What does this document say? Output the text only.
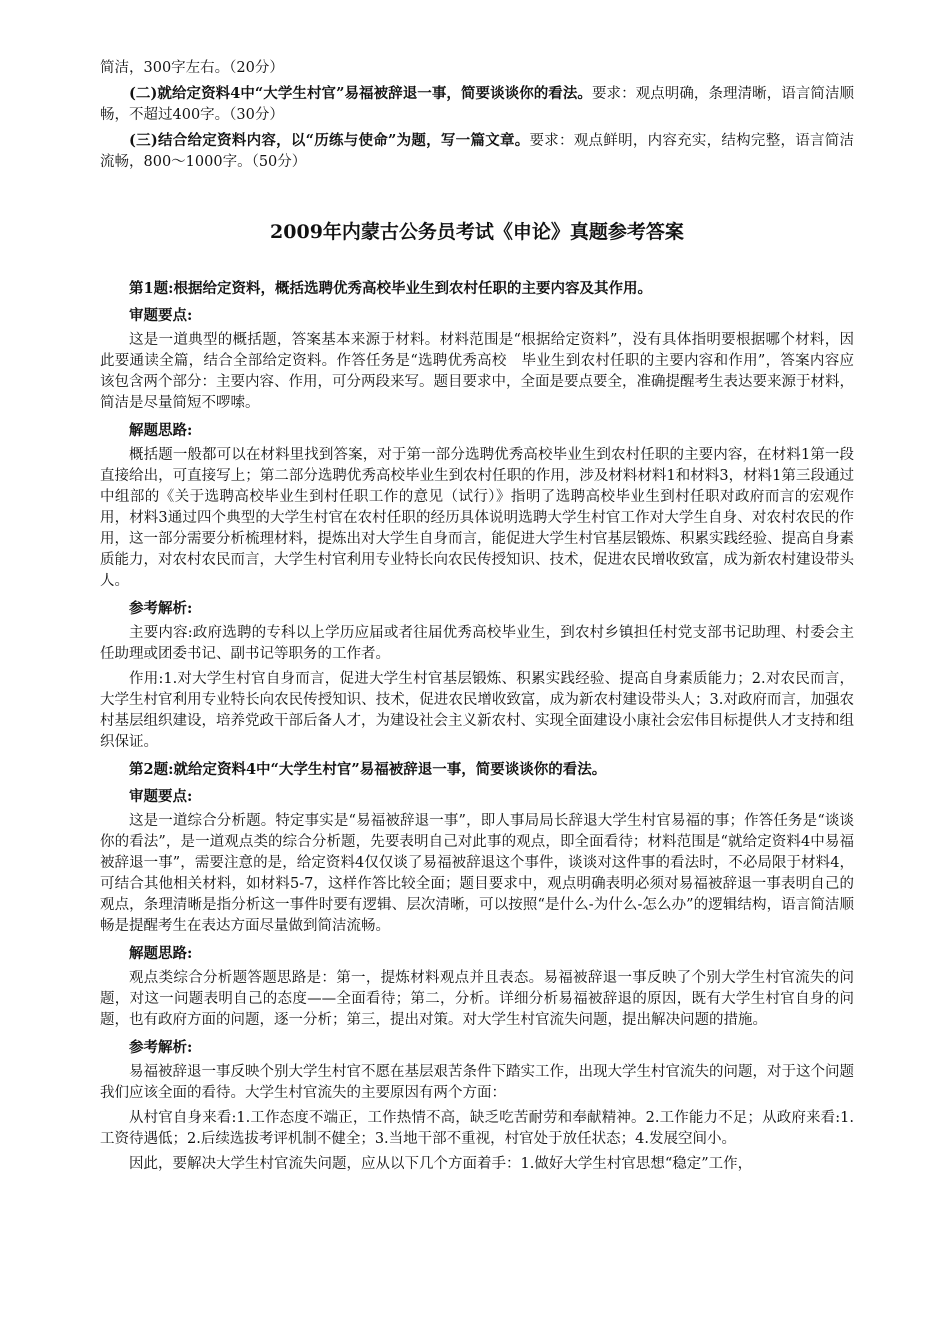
简洁，300字左右。（20分）

(二)就给定资料4中“大学生村官”易福被辞退一事，简要谈谈你的看法。要求：观点明确，条理清晰，语言简洁顺畅，不超过400字。（30分）

(三)结合给定资料内容，以“历练与使命”为题，写一篇文章。要求：观点鲜明，内容充实，结构完整，语言简洁流畅，800～1000字。（50分）

2009年内蒙古公务员考试《申论》真题参考答案

第1题:根据给定资料，概括选聘优秀高校毕业生到农村任职的主要内容及其作用。

审题要点:

这是一道典型的概括题，答案基本来源于材料。材料范围是“根据给定资料”，没有具体指明要根据哪个材料，因此要通读全篇，结合全部给定资料。作答任务是“选聘优秀高校　毕业生到农村任职的主要内容和作用”，答案内容应该包含两个部分：主要内容、作用，可分两段来写。题目要求中，全面是要点要全，准确提醒考生表达要来源于材料，简洁是尽量简短不啰嗦。

解题思路:

概括题一般都可以在材料里找到答案，对于第一部分选聘优秀高校毕业生到农村任职的主要内容，在材料1第一段直接给出，可直接写上；第二部分选聘优秀高校毕业生到农村任职的作用，涉及材料材料1和材料3，材料1第三段通过中组部的《关于选聘高校毕业生到村任职工作的意见（试行）》指明了选聘高校毕业生到村任职对政府而言的宏观作用，材料3通过四个典型的大学生村官在农村任职的经历具体说明选聘大学生村官工作对大学生自身、对农村农民的作用，这一部分需要分析梳理材料，提炼出对大学生自身而言，能促进大学生村官基层锻炼、积累实践经验、提高自身素质能力，对农村农民而言，大学生村官利用专业特长向农民传授知识、技术，促进农民增收致富，成为新农村建设带头人。

参考解析:

主要内容:政府选聘的专科以上学历应届或者往届优秀高校毕业生，到农村乡镇担任村党支部书记助理、村委会主任助理或团委书记、副书记等职务的工作者。

作用:1.对大学生村官自身而言，促进大学生村官基层锻炼、积累实践经验、提高自身素质能力；2.对农民而言，大学生村官利用专业特长向农民传授知识、技术，促进农民增收致富，成为新农村建设带头人；3.对政府而言，加强农村基层组织建设，培养党政干部后备人才，为建设社会主义新农村、实现全面建设小康社会宏伟目标提供人才支持和组织保证。

第2题:就给定资料4中“大学生村官”易福被辞退一事，简要谈谈你的看法。

审题要点:

这是一道综合分析题。特定事实是“易福被辞退一事”，即人事局局长辞退大学生村官易福的事；作答任务是“谈谈你的看法”，是一道观点类的综合分析题，先要表明自己对此事的观点，即全面看待；材料范围是“就给定资料4中易福被辞退一事”，需要注意的是，给定资料4仅仅谈了易福被辞退这个事件，谈谈对这件事的看法时，不必局限于材料4，可结合其他相关材料，如材料5-7，这样作答比较全面；题目要求中，观点明确表明必须对易福被辞退一事表明自己的观点，条理清晰是指分析这一事件时要有逻辑、层次清晰，可以按照“是什么-为什么-怎么办”的逻辑结构，语言简洁顺畅是提醒考生在表达方面尽量做到简洁流畅。

解题思路:

观点类综合分析题答题思路是：第一，提炼材料观点并且表态。易福被辞退一事反映了个别大学生村官流失的问题，对这一问题表明自己的态度——全面看待；第二，分析。详细分析易福被辞退的原因，既有大学生村官自身的问题，也有政府方面的问题，逐一分析；第三，提出对策。对大学生村官流失问题，提出解决问题的措施。

参考解析:

易福被辞退一事反映个别大学生村官不愿在基层艰苦条件下踏实工作，出现大学生村官流失的问题，对于这个问题我们应该全面的看待。大学生村官流失的主要原因有两个方面：

从村官自身来看:1.工作态度不端正，工作热情不高，缺乏吃苦耐劳和奉献精神。2.工作能力不足；从政府来看:1.工资待遇低；2.后续选拔考评机制不健全；3.当地干部不重视，村官处于放任状态；4.发展空间小。

因此，要解决大学生村官流失问题，应从以下几个方面着手：1.做好大学生村官思想“稳定”工作，
